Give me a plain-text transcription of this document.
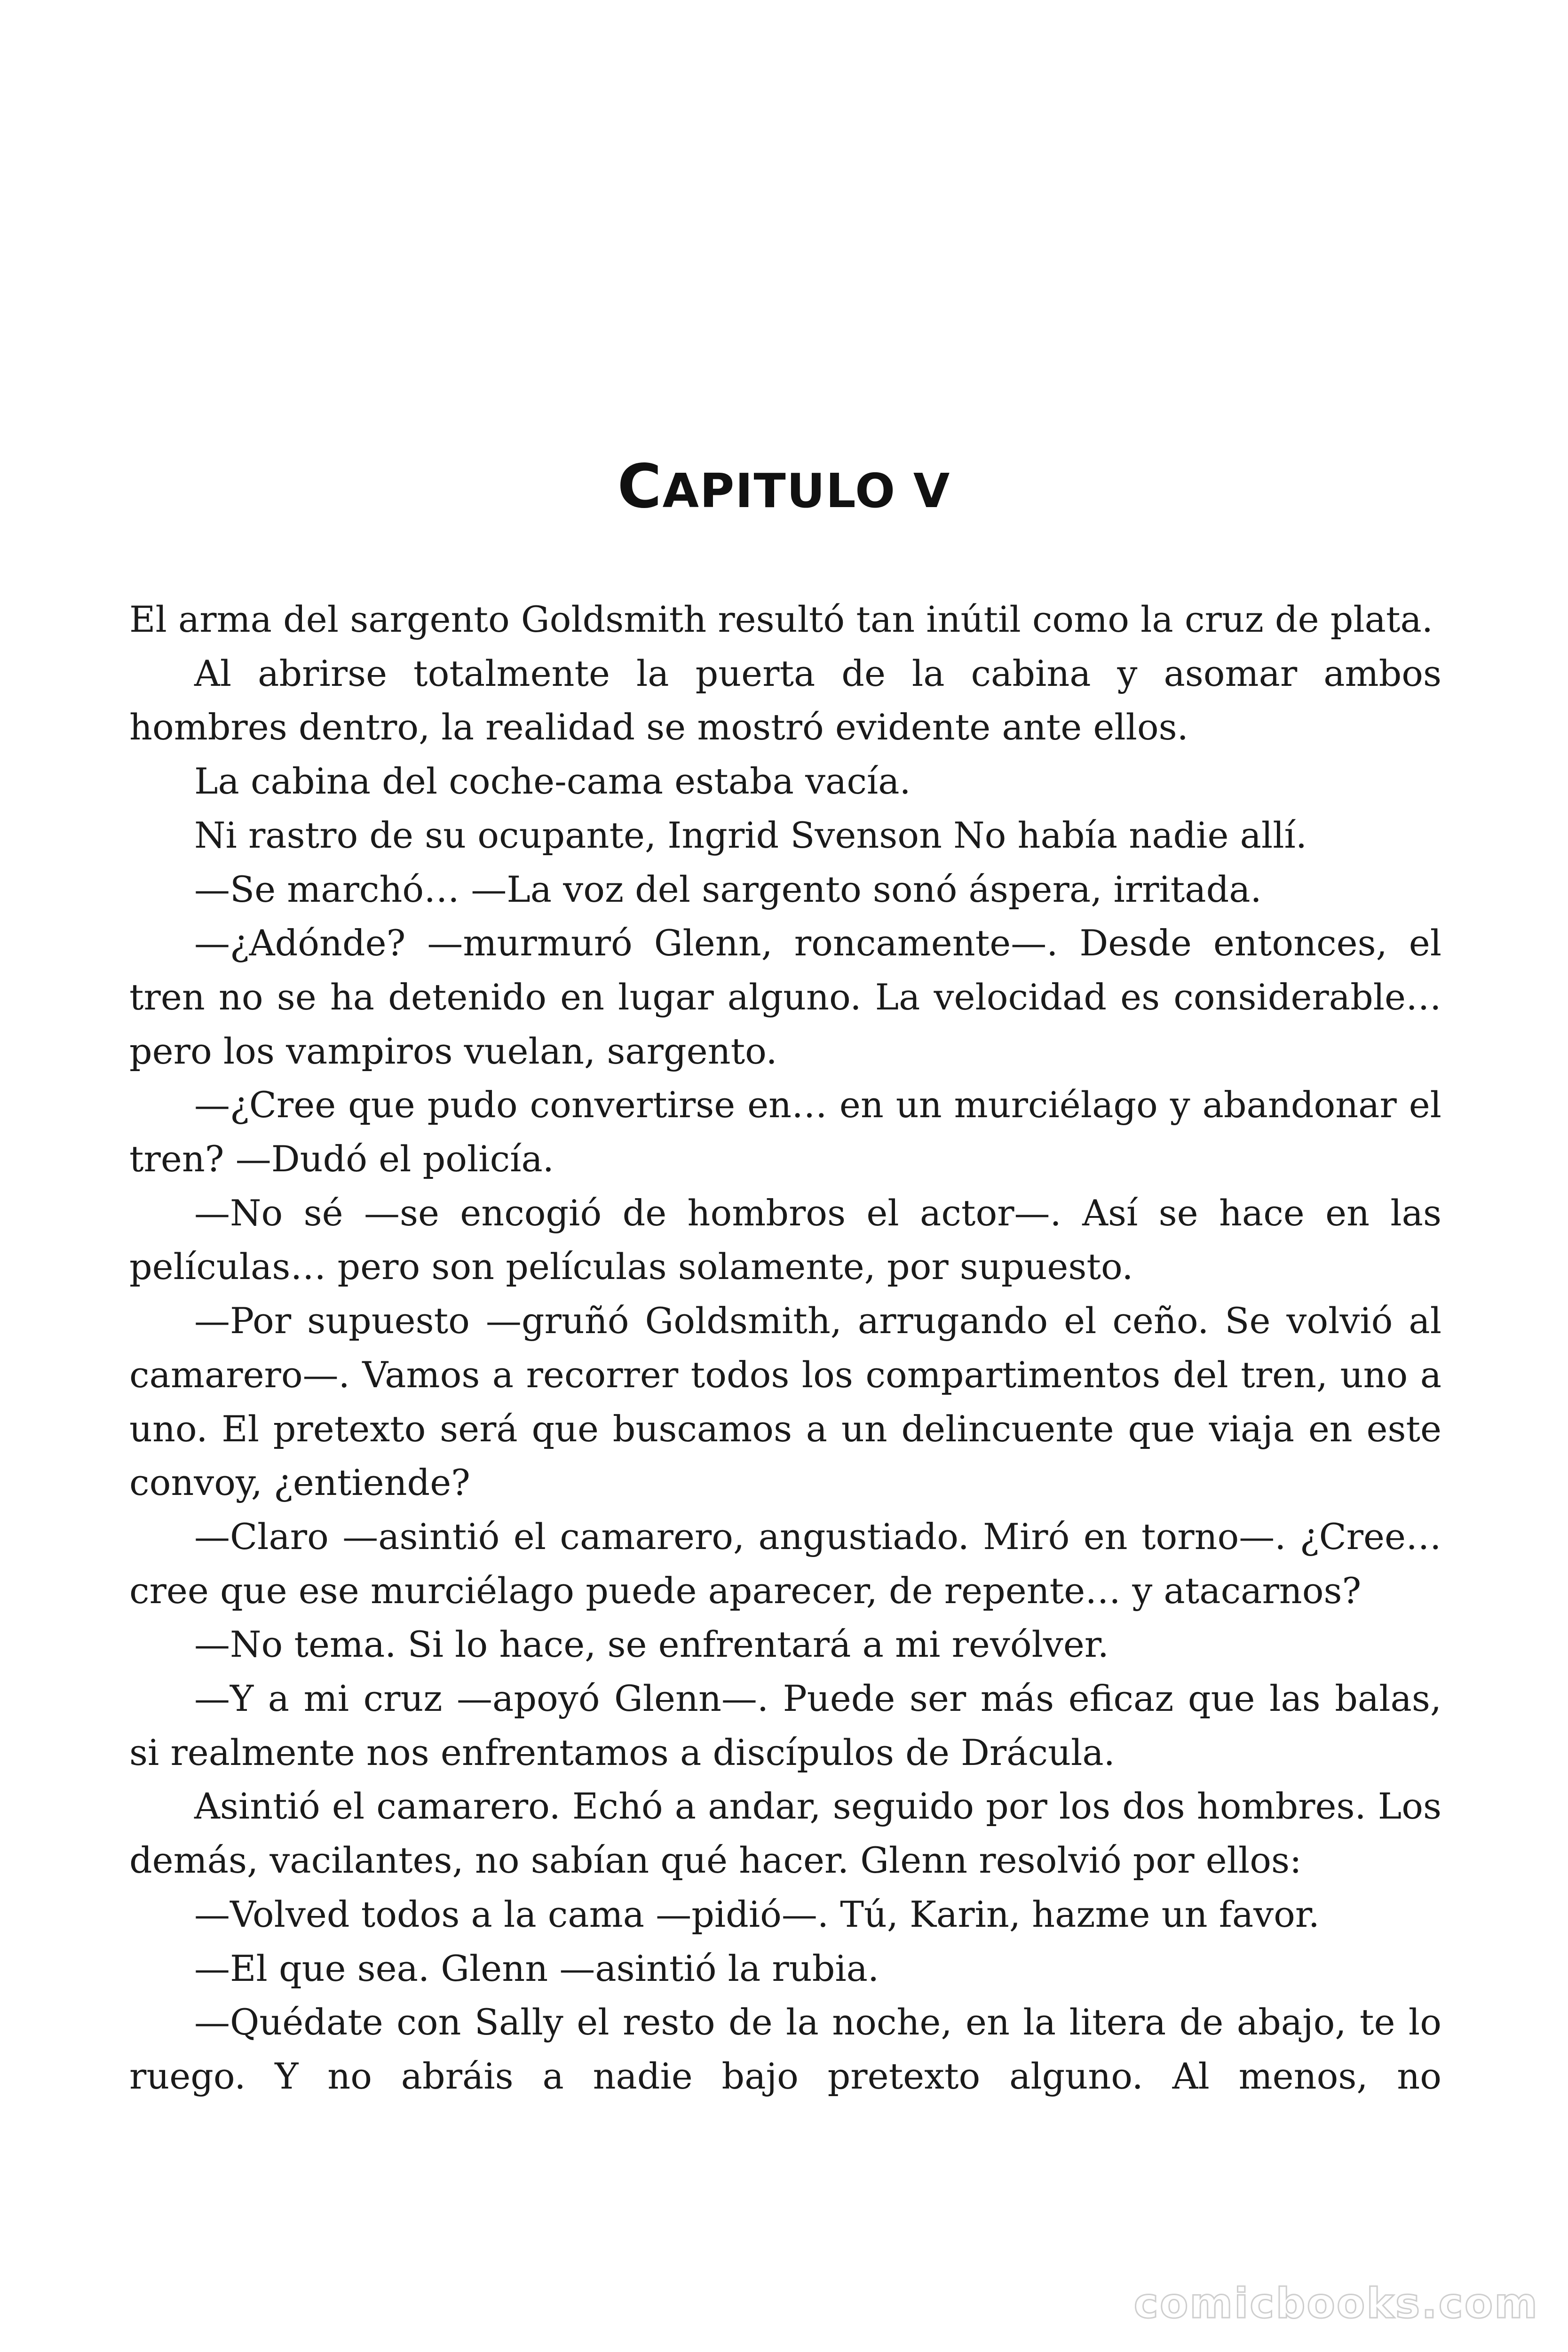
CAPITULO V

El arma del sargento Goldsmith resultó tan inútil como la cruz de plata.

Al abrirse totalmente la puerta de la cabina y asomar ambos hombres dentro, la realidad se mostró evidente ante ellos.

La cabina del coche-cama estaba vacía.

Ni rastro de su ocupante, Ingrid Svenson No había nadie allí.

—Se marchó… —La voz del sargento sonó áspera, irritada.

—¿Adónde? —murmuró Glenn, roncamente—. Desde entonces, el tren no se ha detenido en lugar alguno. La velocidad es considerable… pero los vampiros vuelan, sargento.

—¿Cree que pudo convertirse en… en un murciélago y abandonar el tren? —Dudó el policía.

—No sé —se encogió de hombros el actor—. Así se hace en las películas… pero son películas solamente, por supuesto.

—Por supuesto —gruñó Goldsmith, arrugando el ceño. Se volvió al camarero—. Vamos a recorrer todos los compartimentos del tren, uno a uno. El pretexto será que buscamos a un delincuente que viaja en este convoy, ¿entiende?

—Claro —asintió el camarero, angustiado. Miró en torno—. ¿Cree… cree que ese murciélago puede aparecer, de repente… y atacarnos?

—No tema. Si lo hace, se enfrentará a mi revólver.

—Y a mi cruz —apoyó Glenn—. Puede ser más eficaz que las balas, si realmente nos enfrentamos a discípulos de Drácula.

Asintió el camarero. Echó a andar, seguido por los dos hombres. Los demás, vacilantes, no sabían qué hacer. Glenn resolvió por ellos:

—Volved todos a la cama —pidió—. Tú, Karin, hazme un favor.

—El que sea. Glenn —asintió la rubia.

—Quédate con Sally el resto de la noche, en la litera de abajo, te lo ruego. Y no abráis a nadie bajo pretexto alguno. Al menos, no

comicbooks.com
